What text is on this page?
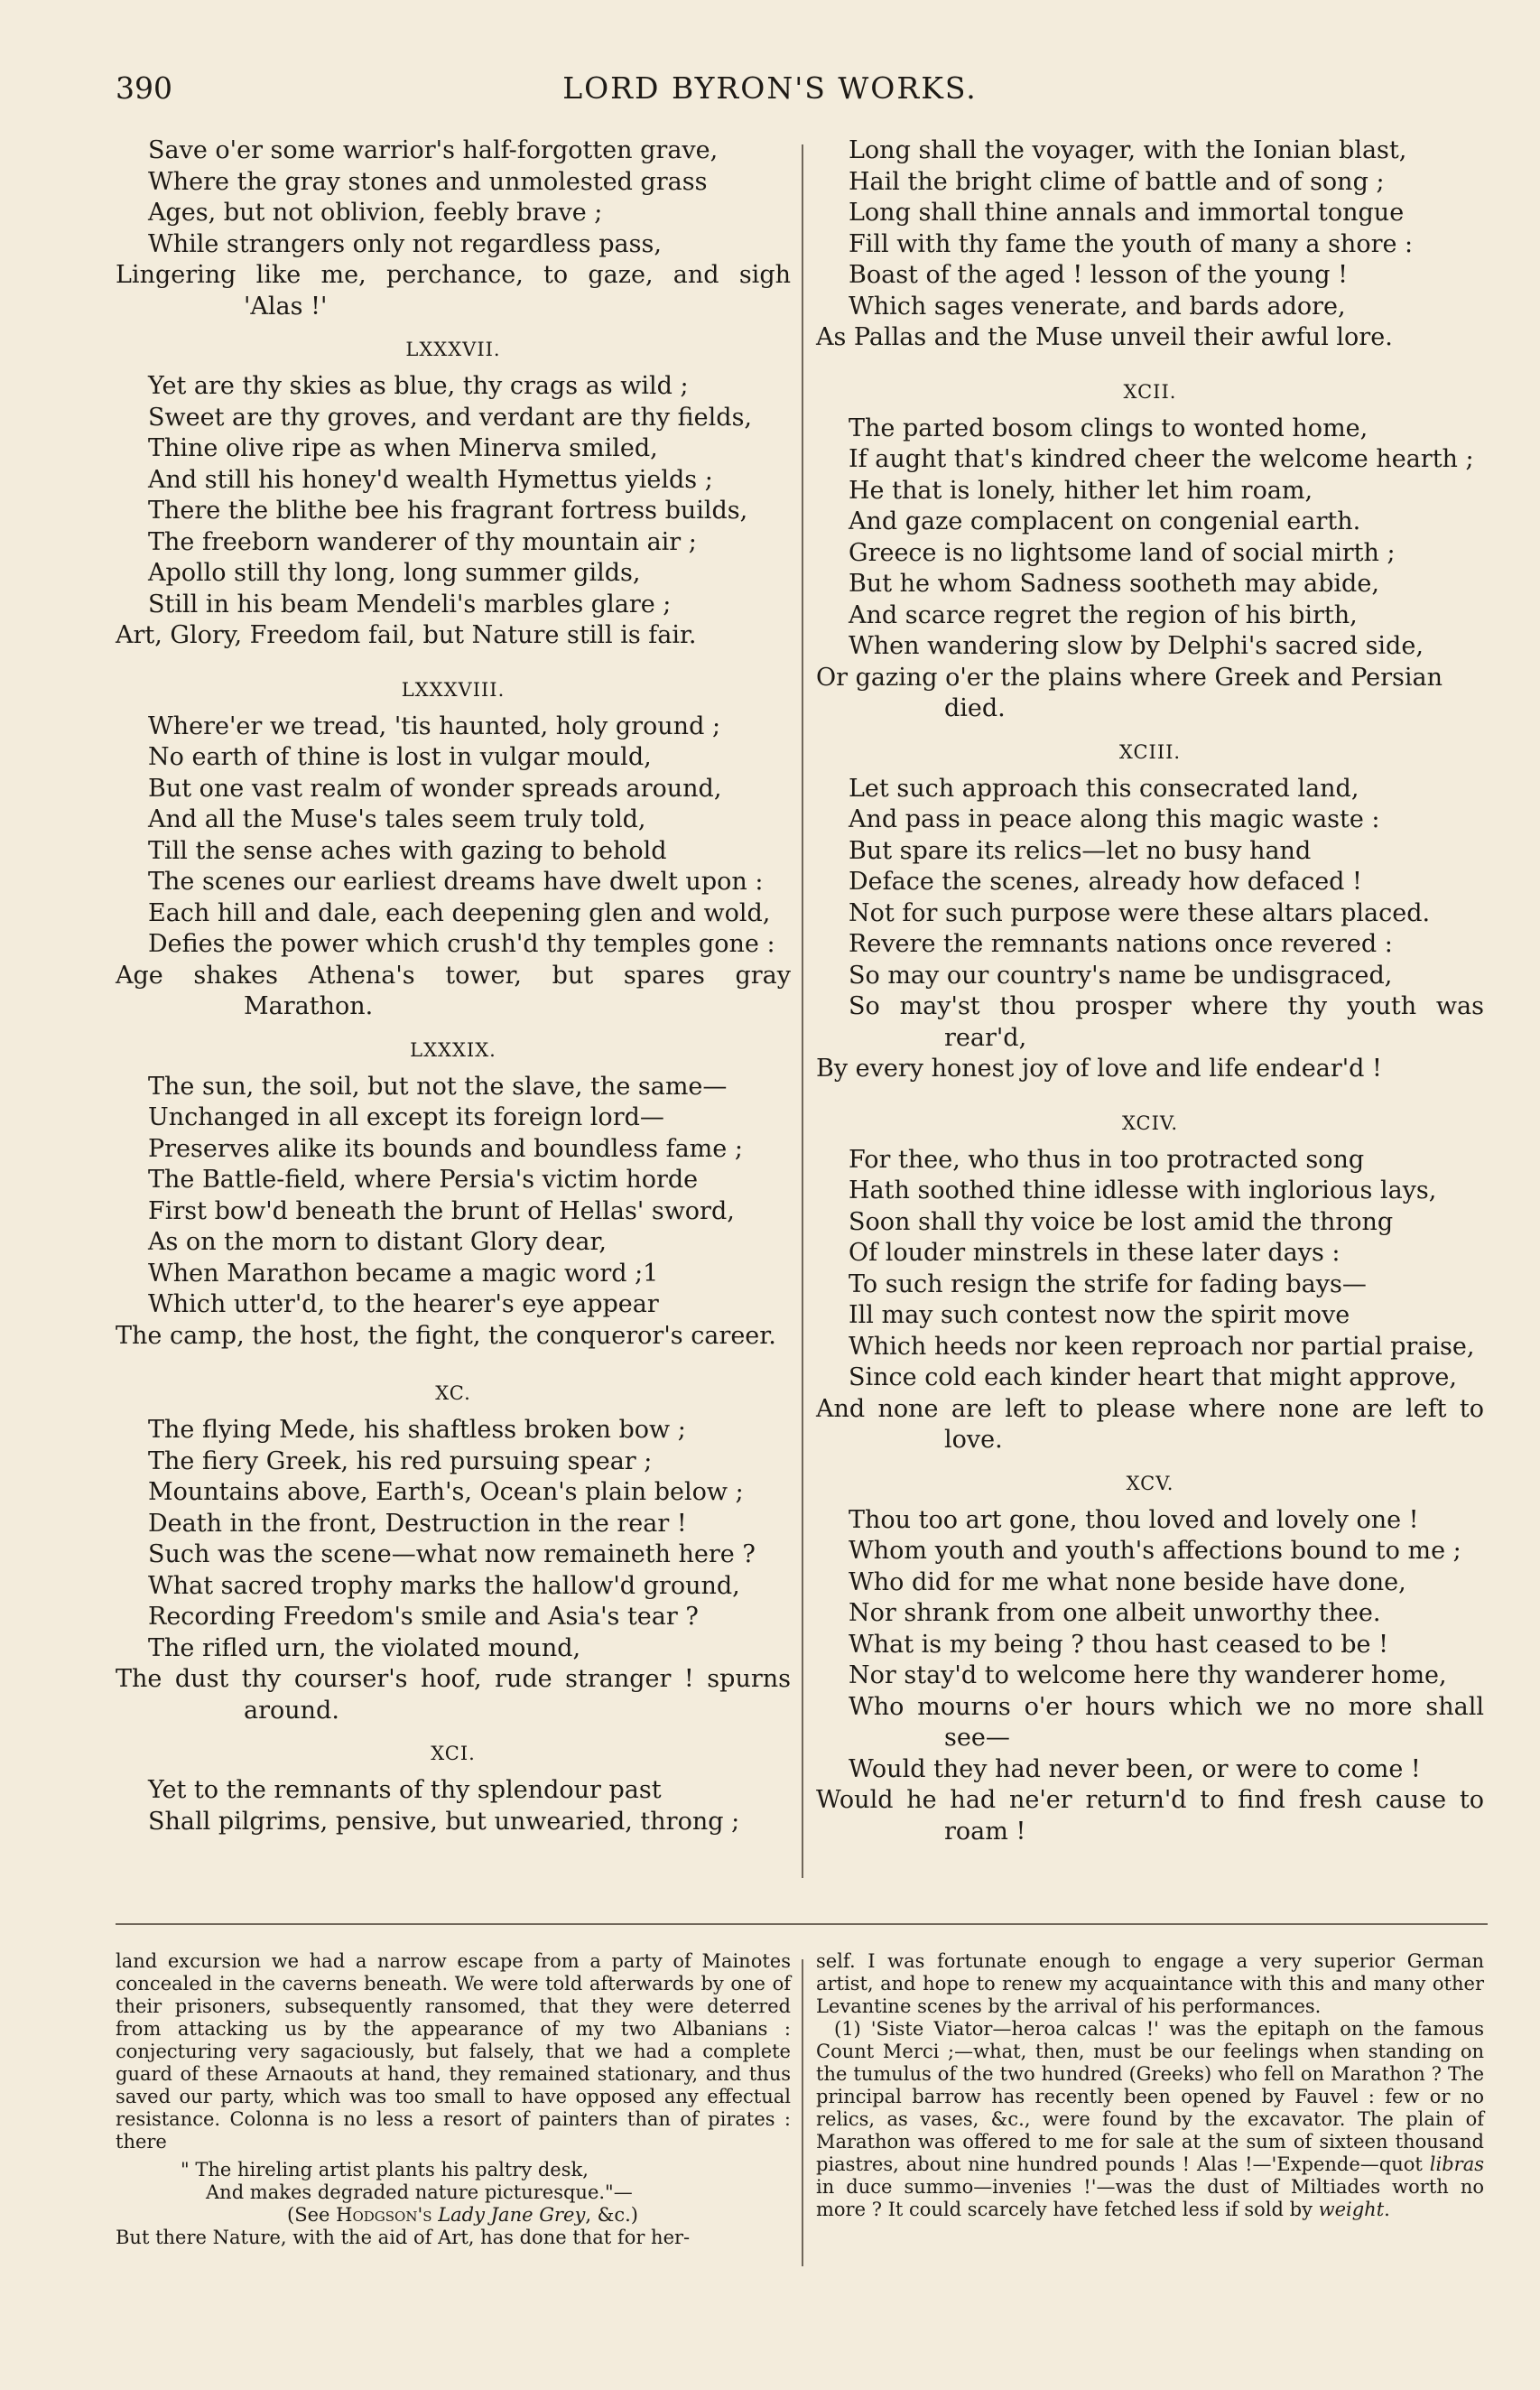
390	LORD BYRON'S WORKS.
Save o'er some warrior's half-forgotten grave,
Where the gray stones and unmolested grass
Ages, but not oblivion, feebly brave ;
While strangers only not regardless pass,
Lingering like me, perchance, to gaze, and sigh
'Alas !'
LXXXVII.
Yet are thy skies as blue, thy crags as wild ;
Sweet are thy groves, and verdant are thy fields,
Thine olive ripe as when Minerva smiled,
And still his honey'd wealth Hymettus yields ;
There the blithe bee his fragrant fortress builds,
The freeborn wanderer of thy mountain air ;
Apollo still thy long, long summer gilds,
Still in his beam Mendeli's marbles glare ;
Art, Glory, Freedom fail, but Nature still is fair.
LXXXVIII.
Where'er we tread, 'tis haunted, holy ground ;
No earth of thine is lost in vulgar mould,
But one vast realm of wonder spreads around,
And all the Muse's tales seem truly told,
Till the sense aches with gazing to behold
The scenes our earliest dreams have dwelt upon :
Each hill and dale, each deepening glen and wold,
Defies the power which crush'd thy temples gone :
Age shakes Athena's tower, but spares gray
Marathon.
LXXXIX.
The sun, the soil, but not the slave, the same—
Unchanged in all except its foreign lord—
Preserves alike its bounds and boundless fame ;
The Battle-field, where Persia's victim horde
First bow'd beneath the brunt of Hellas' sword,
As on the morn to distant Glory dear,
When Marathon became a magic word ;1
Which utter'd, to the hearer's eye appear
The camp, the host, the fight, the conqueror's career.
XC.
The flying Mede, his shaftless broken bow ;
The fiery Greek, his red pursuing spear ;
Mountains above, Earth's, Ocean's plain below ;
Death in the front, Destruction in the rear !
Such was the scene—what now remaineth here ?
What sacred trophy marks the hallow'd ground,
Recording Freedom's smile and Asia's tear ?
The rifled urn, the violated mound,
The dust thy courser's hoof, rude stranger ! spurns
around.
XCI.
Yet to the remnants of thy splendour past
Shall pilgrims, pensive, but unwearied, throng ;
Long shall the voyager, with the Ionian blast,
Hail the bright clime of battle and of song ;
Long shall thine annals and immortal tongue
Fill with thy fame the youth of many a shore :
Boast of the aged ! lesson of the young !
Which sages venerate, and bards adore,
As Pallas and the Muse unveil their awful lore.
XCII.
The parted bosom clings to wonted home,
If aught that's kindred cheer the welcome hearth ;
He that is lonely, hither let him roam,
And gaze complacent on congenial earth.
Greece is no lightsome land of social mirth ;
But he whom Sadness sootheth may abide,
And scarce regret the region of his birth,
When wandering slow by Delphi's sacred side,
Or gazing o'er the plains where Greek and Persian
died.
XCIII.
Let such approach this consecrated land,
And pass in peace along this magic waste :
But spare its relics—let no busy hand
Deface the scenes, already how defaced !
Not for such purpose were these altars placed.
Revere the remnants nations once revered :
So may our country's name be undisgraced,
So may'st thou prosper where thy youth was
rear'd,
By every honest joy of love and life endear'd !
XCIV.
For thee, who thus in too protracted song
Hath soothed thine idlesse with inglorious lays,
Soon shall thy voice be lost amid the throng
Of louder minstrels in these later days :
To such resign the strife for fading bays—
Ill may such contest now the spirit move
Which heeds nor keen reproach nor partial praise,
Since cold each kinder heart that might approve,
And none are left to please where none are left to
love.
XCV.
Thou too art gone, thou loved and lovely one !
Whom youth and youth's affections bound to me ;
Who did for me what none beside have done,
Nor shrank from one albeit unworthy thee.
What is my being ? thou hast ceased to be !
Nor stay'd to welcome here thy wanderer home,
Who mourns o'er hours which we no more shall
see—
Would they had never been, or were to come !
Would he had ne'er return'd to find fresh cause to
roam !

land excursion we had a narrow escape from a party of Mainotes concealed in the caverns beneath. We were told afterwards by one of their prisoners, subsequently ransomed, that they were deterred from attacking us by the appearance of my two Albanians : conjecturing very sagaciously, but falsely, that we had a complete guard of these Arnaouts at hand, they remained stationary, and thus saved our party, which was too small to have opposed any effectual resistance. Colonna is no less a resort of painters than of pirates : there

" The hireling artist plants his paltry desk,

And makes degraded nature picturesque."—

(See Hodgson's Lady Jane Grey, &c.)

But there Nature, with the aid of Art, has done that for her-

self. I was fortunate enough to engage a very superior German artist, and hope to renew my acquaintance with this and many other Levantine scenes by the arrival of his performances.

(1) 'Siste Viator—heroa calcas !' was the epitaph on the famous Count Merci ;—what, then, must be our feelings when standing on the tumulus of the two hundred (Greeks) who fell on Marathon ? The principal barrow has recently been opened by Fauvel : few or no relics, as vases, &c., were found by the excavator. The plain of Marathon was offered to me for sale at the sum of sixteen thousand piastres, about nine hundred pounds ! Alas !—'Expende—quot libras in duce summo—invenies !'—was the dust of Miltiades worth no more ? It could scarcely have fetched less if sold by weight.
